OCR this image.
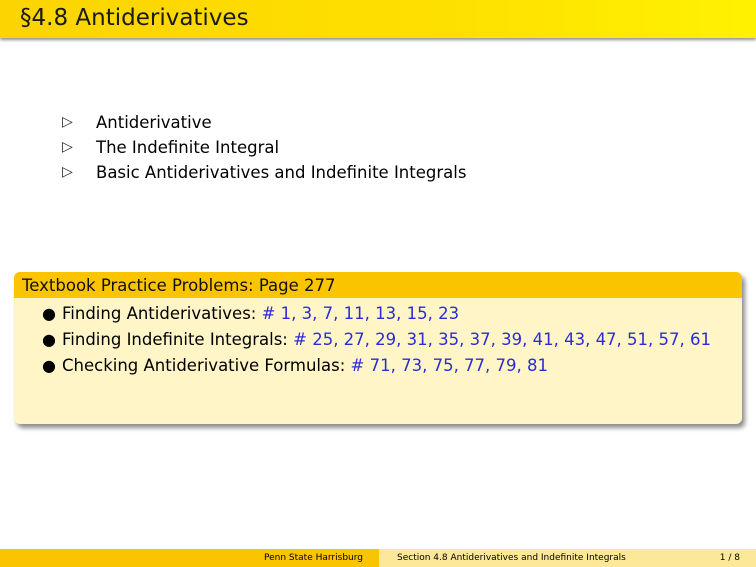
§4.8 Antiderivatives
▷	Antiderivative
▷	The Indefinite Integral
▷	Basic Antiderivatives and Indefinite Integrals
Textbook Practice Problems: Page 277
● Finding Antiderivatives: # 1, 3, 7, 11, 13, 15, 23
● Finding Indefinite Integrals: # 25, 27, 29, 31, 35, 37, 39, 41, 43, 47, 51, 57, 61
● Checking Antiderivative Formulas: # 71, 73, 75, 77, 79, 81
Penn State Harrisburg	Section 4.8 Antiderivatives and Indefinite Integrals	1 / 8
